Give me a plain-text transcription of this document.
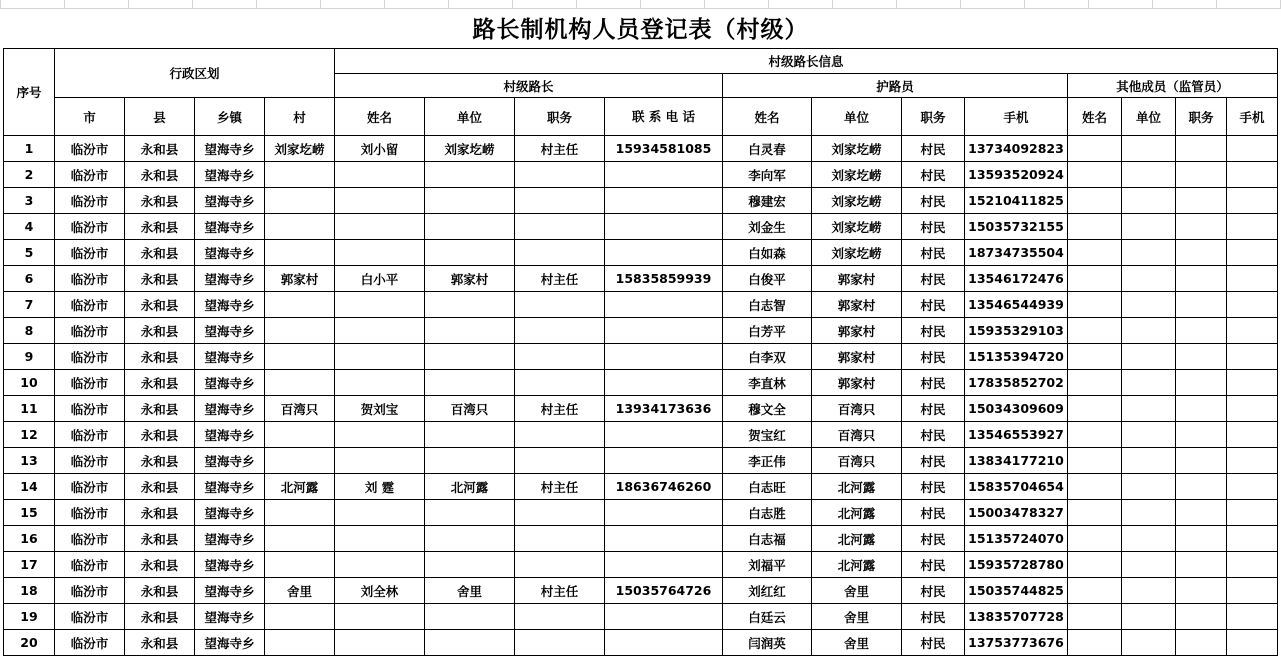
路长制机构人员登记表（村级）
序号	行政区划				村级路长信息											
					村级路长				护路员				其他成员（监管员）			
	市	县	乡镇	村	姓名	单位	职务	联 系 电 话	姓名	单位	职务	手机	姓名	单位	职务	手机
1	临汾市	永和县	望海寺乡	刘家圪崂	刘小留	刘家圪崂	村主任	15934581085	白灵春	刘家圪崂	村民	13734092823				
2	临汾市	永和县	望海寺乡						李向军	刘家圪崂	村民	13593520924				
3	临汾市	永和县	望海寺乡						穆建宏	刘家圪崂	村民	15210411825				
4	临汾市	永和县	望海寺乡						刘金生	刘家圪崂	村民	15035732155				
5	临汾市	永和县	望海寺乡						白如森	刘家圪崂	村民	18734735504				
6	临汾市	永和县	望海寺乡	郭家村	白小平	郭家村	村主任	15835859939	白俊平	郭家村	村民	13546172476				
7	临汾市	永和县	望海寺乡						白志智	郭家村	村民	13546544939				
8	临汾市	永和县	望海寺乡						白芳平	郭家村	村民	15935329103				
9	临汾市	永和县	望海寺乡						白李双	郭家村	村民	15135394720				
10	临汾市	永和县	望海寺乡						李直林	郭家村	村民	17835852702				
11	临汾市	永和县	望海寺乡	百湾只	贺刘宝	百湾只	村主任	13934173636	穆文全	百湾只	村民	15034309609				
12	临汾市	永和县	望海寺乡						贺宝红	百湾只	村民	13546553927				
13	临汾市	永和县	望海寺乡						李正伟	百湾只	村民	13834177210				
14	临汾市	永和县	望海寺乡	北河露	刘 霆	北河露	村主任	18636746260	白志旺	北河露	村民	15835704654				
15	临汾市	永和县	望海寺乡						白志胜	北河露	村民	15003478327				
16	临汾市	永和县	望海寺乡						白志福	北河露	村民	15135724070				
17	临汾市	永和县	望海寺乡						刘福平	北河露	村民	15935728780				
18	临汾市	永和县	望海寺乡	舍里	刘全林	舍里	村主任	15035764726	刘红红	舍里	村民	15035744825				
19	临汾市	永和县	望海寺乡						白廷云	舍里	村民	13835707728				
20	临汾市	永和县	望海寺乡						闫润英	舍里	村民	13753773676				
